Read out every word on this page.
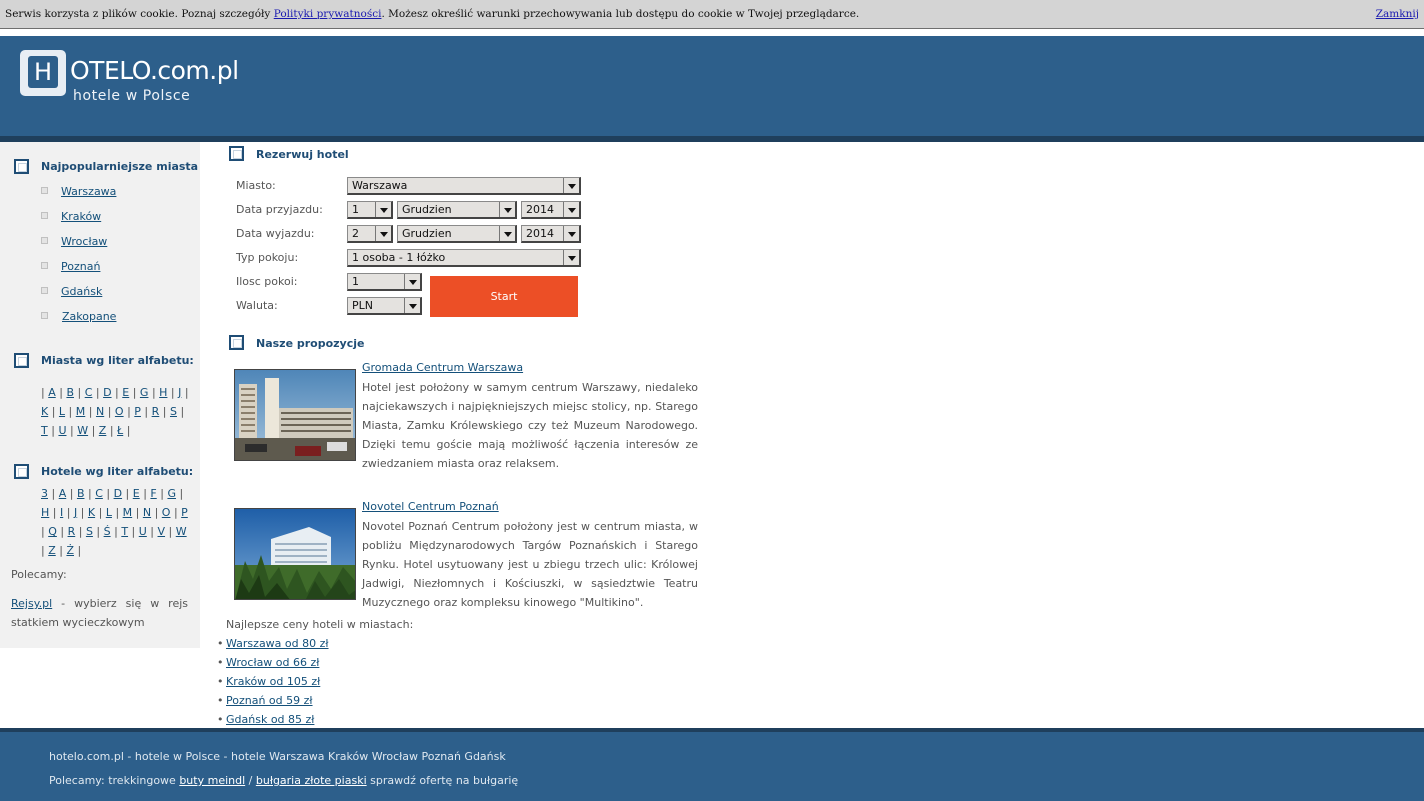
Serwis korzysta z plików cookie. Poznaj szczegóły Polityki prywatności. Możesz określić warunki przechowywania lub dostępu do cookie w Twojej przeglądarce.	Zamknij
H OTELO.com.pl
hotele w Polsce
Najpopularniejsze miasta
Warszawa
Kraków
Wrocław
Poznań
Gdańsk
Zakopane
Miasta wg liter alfabetu:
| A | B | C | D | E | G | H | J | K | L | M | N | O | P | R | S | T | U | W | Z | Ł |
Hotele wg liter alfabetu:
3 | A | B | C | D | E | F | G | H | I | J | K | L | M | N | O | P | Q | R | S | Ś | T | U | V | W | Z | Ż |
Polecamy:
Rejsy.pl - wybierz się w rejs statkiem wycieczkowym
Rezerwuj hotel
Miasto:	Warszawa
Data przyjazdu:	1	Grudzien	2014
Data wyjazdu:	2	Grudzien	2014
Typ pokoju:	1 osoba - 1 łóżko
Ilosc pokoi:	1
Waluta:	PLN
Start
Nasze propozycje
Gromada Centrum Warszawa
Hotel jest położony w samym centrum Warszawy, niedaleko najciekawszych i najpiękniejszych miejsc stolicy, np. Starego Miasta, Zamku Królewskiego czy też Muzeum Narodowego. Dzięki temu goście mają możliwość łączenia interesów ze zwiedzaniem miasta oraz relaksem.
Novotel Centrum Poznań
Novotel Poznań Centrum położony jest w centrum miasta, w pobliżu Międzynarodowych Targów Poznańskich i Starego Rynku. Hotel usytuowany jest u zbiegu trzech ulic: Królowej Jadwigi, Niezłomnych i Kościuszki, w sąsiedztwie Teatru Muzycznego oraz kompleksu kinowego "Multikino".
Najlepsze ceny hoteli w miastach:
• Warszawa od 80 zł
• Wrocław od 66 zł
• Kraków od 105 zł
• Poznań od 59 zł
• Gdańsk od 85 zł
hotelo.com.pl - hotele w Polsce - hotele Warszawa Kraków Wrocław Poznań Gdańsk
Polecamy: trekkingowe buty meindl / bułgaria złote piaski sprawdź ofertę na bułgarię
